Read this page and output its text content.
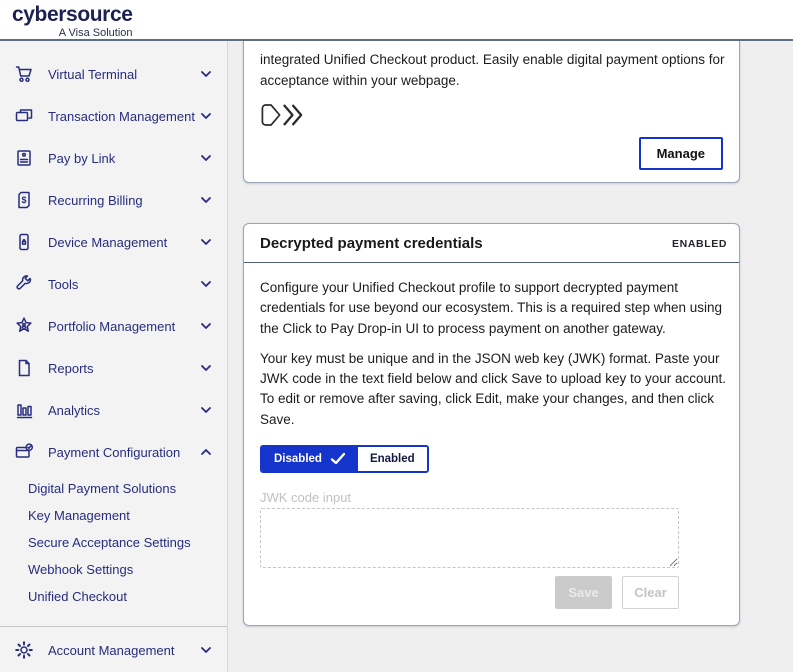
cybersource
A Visa Solution
Virtual Terminal
Transaction Management
Pay by Link
$ Recurring Billing
Device Management
Tools
Portfolio Management
Reports
Analytics
Payment Configuration
Digital Payment Solutions
Key Management
Secure Acceptance Settings
Webhook Settings
Unified Checkout
Account Management

integrated Unified Checkout product. Easily enable digital payment options for acceptance within your webpage.

Manage
Decrypted payment credentials	ENABLED

Configure your Unified Checkout profile to support decrypted payment credentials for use beyond our ecosystem. This is a required step when using the Click to Pay Drop-in UI to process payment on another gateway.

Your key must be unique and in the JSON web key (JWK) format. Paste your JWK code in the text field below and click Save to upload key to your account. To edit or remove after saving, click Edit, make your changes, and then click Save.

Disabled	Enabled
JWK code input
Save	Clear
